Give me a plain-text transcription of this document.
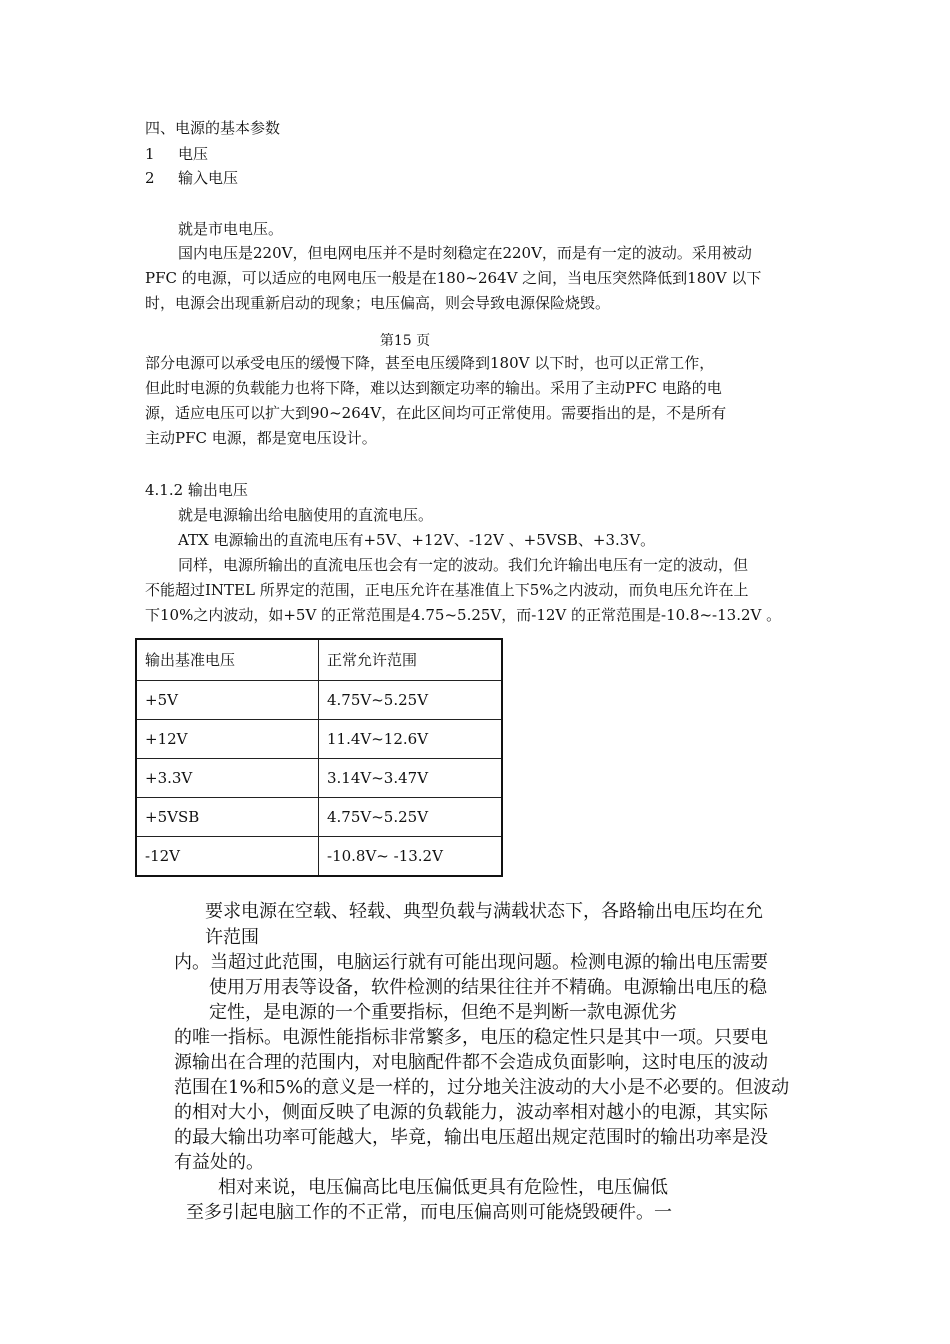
四、电源的基本参数
1 电压
2 输入电压
就是市电电压。
国内电压是220V，但电网电压并不是时刻稳定在220V，而是有一定的波动。采用被动
PFC 的电源，可以适应的电网电压一般是在180~264V 之间，当电压突然降低到180V 以下
时，电源会出现重新启动的现象；电压偏高，则会导致电源保险烧毁。
第15 页
部分电源可以承受电压的缓慢下降，甚至电压缓降到180V 以下时，也可以正常工作，
但此时电源的负载能力也将下降，难以达到额定功率的输出。采用了主动PFC 电路的电
源，适应电压可以扩大到90~264V，在此区间均可正常使用。需要指出的是，不是所有
主动PFC 电源，都是宽电压设计。
4.1.2 输出电压
就是电源输出给电脑使用的直流电压。
ATX 电源输出的直流电压有+5V、+12V、-12V 、+5VSB、+3.3V。
同样，电源所输出的直流电压也会有一定的波动。我们允许输出电压有一定的波动，但
不能超过INTEL 所界定的范围，正电压允许在基准值上下5%之内波动，而负电压允许在上
下10%之内波动，如+5V 的正常范围是4.75~5.25V，而-12V 的正常范围是-10.8~-13.2V 。
输出基准电压	正常允许范围
+5V	4.75V~5.25V
+12V	11.4V~12.6V
+3.3V	3.14V~3.47V
+5VSB	4.75V~5.25V
-12V	-10.8V~ -13.2V
要求电源在空载、轻载、典型负载与满载状态下，各路输出电压均在允
许范围
内。当超过此范围，电脑运行就有可能出现问题。检测电源的输出电压需要
使用万用表等设备，软件检测的结果往往并不精确。电源输出电压的稳
定性，是电源的一个重要指标，但绝不是判断一款电源优劣
的唯一指标。电源性能指标非常繁多，电压的稳定性只是其中一项。只要电
源输出在合理的范围内，对电脑配件都不会造成负面影响，这时电压的波动
范围在1%和5%的意义是一样的，过分地关注波动的大小是不必要的。但波动
的相对大小，侧面反映了电源的负载能力，波动率相对越小的电源，其实际
的最大输出功率可能越大，毕竟，输出电压超出规定范围时的输出功率是没
有益处的。
相对来说，电压偏高比电压偏低更具有危险性，电压偏低
至多引起电脑工作的不正常，而电压偏高则可能烧毁硬件。一
